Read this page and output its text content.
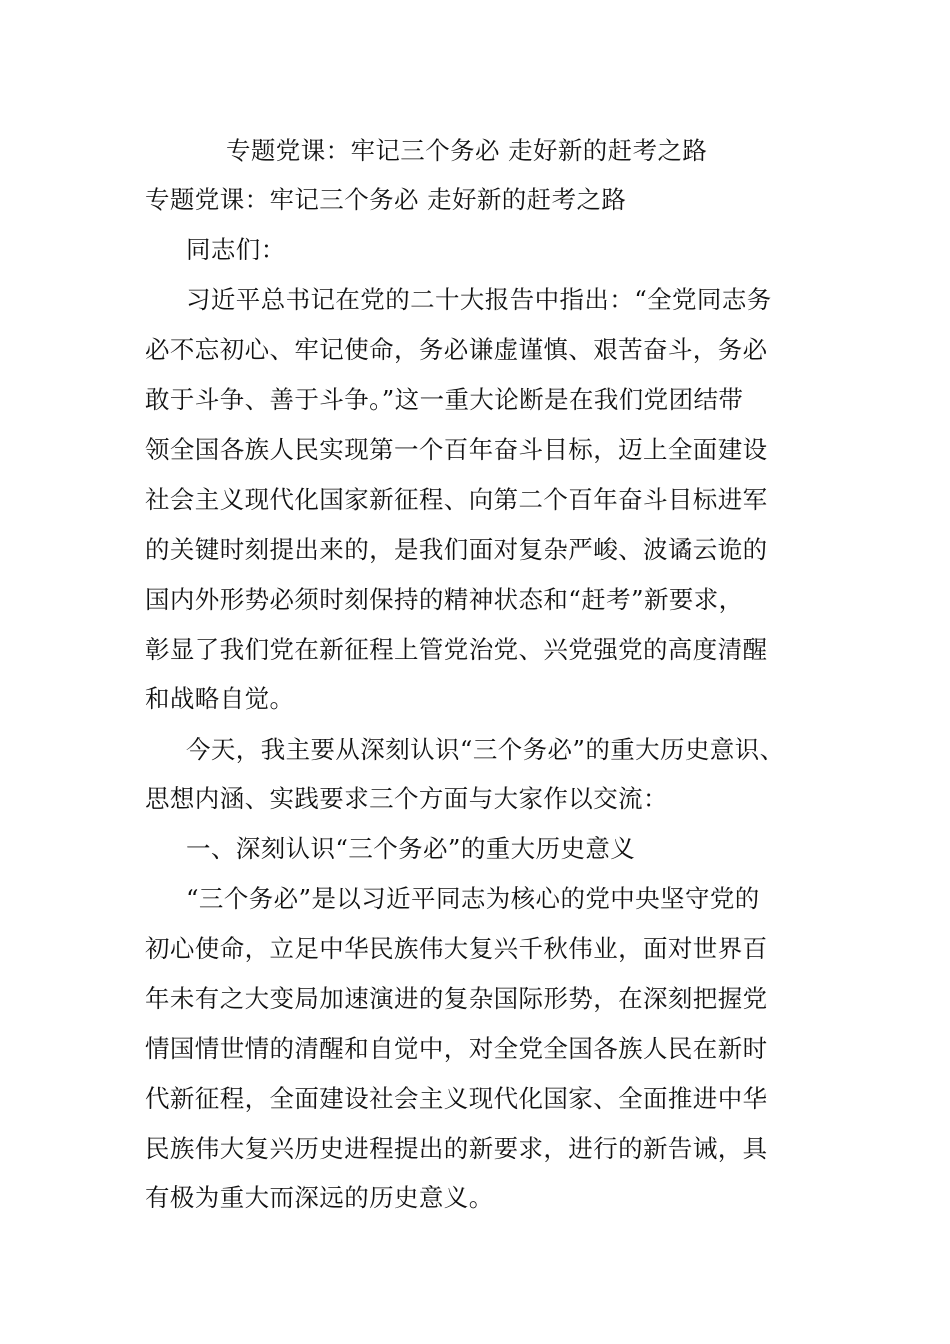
专题党课：牢记三个务必 走好新的赶考之路
专题党课：牢记三个务必 走好新的赶考之路
同志们：
习近平总书记在党的二十大报告中指出：“全党同志务
必不忘初心、牢记使命，务必谦虚谨慎、艰苦奋斗，务必
敢于斗争、善于斗争。”这一重大论断是在我们党团结带
领全国各族人民实现第一个百年奋斗目标，迈上全面建设
社会主义现代化国家新征程、向第二个百年奋斗目标进军
的关键时刻提出来的，是我们面对复杂严峻、波谲云诡的
国内外形势必须时刻保持的精神状态和“赶考”新要求，
彰显了我们党在新征程上管党治党、兴党强党的高度清醒
和战略自觉。
今天，我主要从深刻认识“三个务必”的重大历史意识、
思想内涵、实践要求三个方面与大家作以交流：
一、深刻认识“三个务必”的重大历史意义
“三个务必”是以习近平同志为核心的党中央坚守党的
初心使命，立足中华民族伟大复兴千秋伟业，面对世界百
年未有之大变局加速演进的复杂国际形势，在深刻把握党
情国情世情的清醒和自觉中，对全党全国各族人民在新时
代新征程，全面建设社会主义现代化国家、全面推进中华
民族伟大复兴历史进程提出的新要求，进行的新告诫，具
有极为重大而深远的历史意义。
